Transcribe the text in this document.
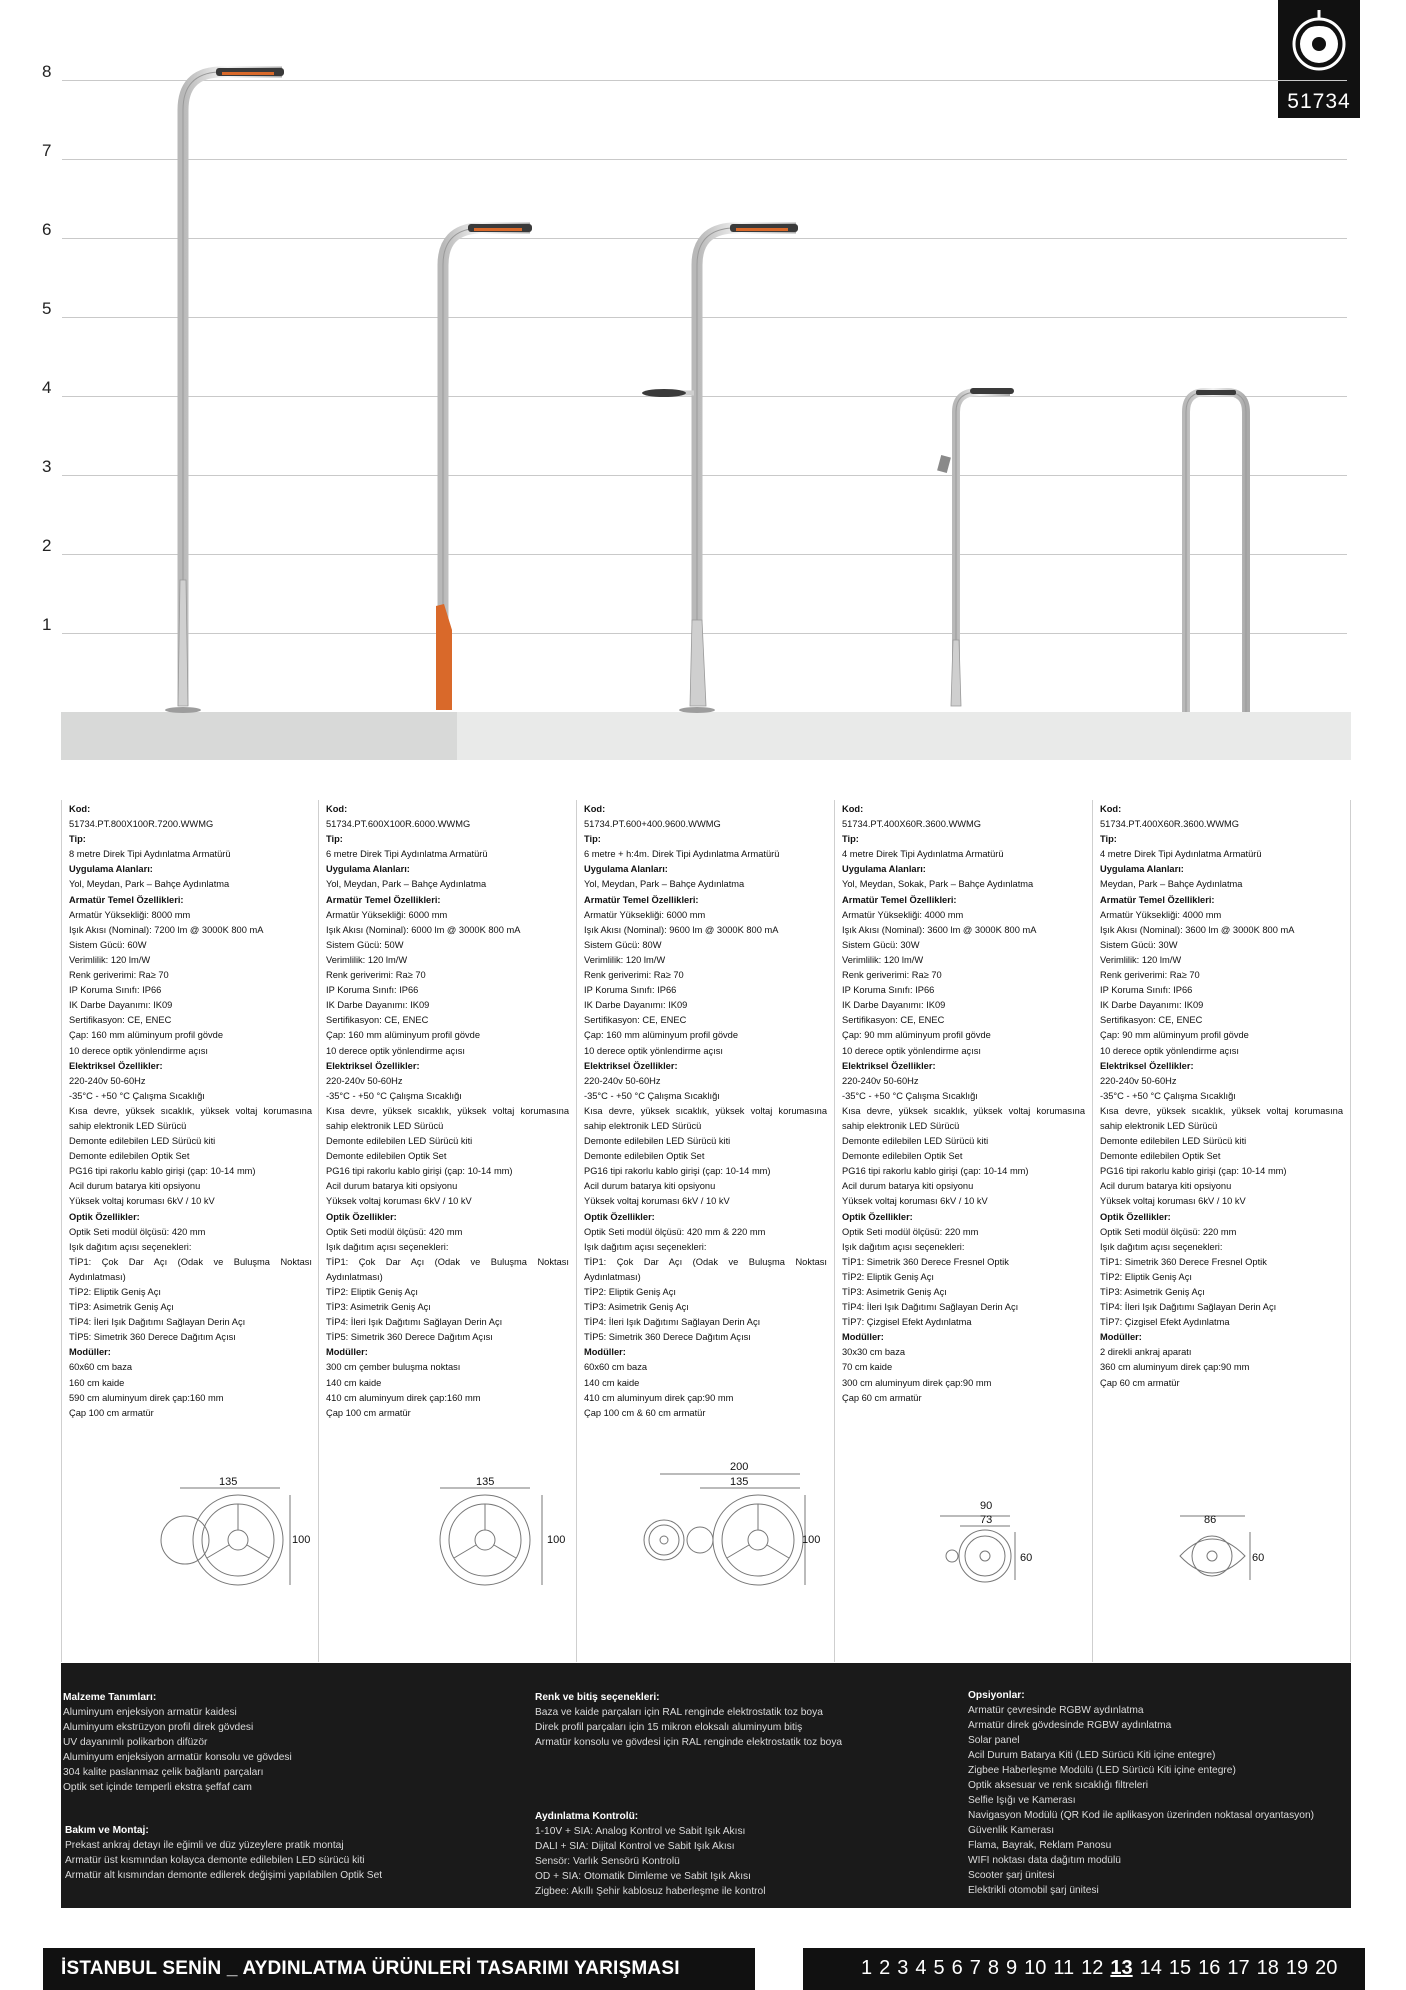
51734
8
7
6
5
4
3
2
1
Kod:
51734.PT.800X100R.7200.WWMG
Tip:
8 metre Direk Tipi Aydınlatma Armatürü
Uygulama Alanları:
Yol, Meydan, Park – Bahçe Aydınlatma
Armatür Temel Özellikleri:
Armatür Yüksekliği: 8000 mm
Işık Akısı (Nominal): 7200 lm @ 3000K 800 mA
Sistem Gücü: 60W
Verimlilik: 120 lm/W
Renk geriverimi: Ra≥ 70
IP Koruma Sınıfı: IP66
IK Darbe Dayanımı: IK09
Sertifikasyon: CE, ENEC
Çap: 160 mm alüminyum profil gövde
10 derece optik yönlendirme açısı
Elektriksel Özellikler:
220-240v 50-60Hz
-35°C - +50 °C Çalışma Sıcaklığı
Kısa devre, yüksek sıcaklık, yüksek voltaj korumasına sahip elektronik LED Sürücü
Demonte edilebilen LED Sürücü kiti
Demonte edilebilen Optik Set
PG16 tipi rakorlu kablo girişi (çap: 10-14 mm)
Acil durum batarya kiti opsiyonu
Yüksek voltaj koruması 6kV / 10 kV
Optik Özellikler:
Optik Seti modül ölçüsü: 420 mm
Işık dağıtım açısı seçenekleri:
TİP1: Çok Dar Açı (Odak ve Buluşma Noktası Aydınlatması)
TİP2: Eliptik Geniş Açı
TİP3: Asimetrik Geniş Açı
TİP4: İleri Işık Dağıtımı Sağlayan Derin Açı
TİP5: Simetrik 360 Derece Dağıtım Açısı
Modüller:
60x60 cm baza
160 cm kaide
590 cm aluminyum direk çap:160 mm
Çap 100 cm armatür
Kod:
51734.PT.600X100R.6000.WWMG
Tip:
6 metre Direk Tipi Aydınlatma Armatürü
Uygulama Alanları:
Yol, Meydan, Park – Bahçe Aydınlatma
Armatür Temel Özellikleri:
Armatür Yüksekliği: 6000 mm
Işık Akısı (Nominal): 6000 lm @ 3000K 800 mA
Sistem Gücü: 50W
Verimlilik: 120 lm/W
Renk geriverimi: Ra≥ 70
IP Koruma Sınıfı: IP66
IK Darbe Dayanımı: IK09
Sertifikasyon: CE, ENEC
Çap: 160 mm alüminyum profil gövde
10 derece optik yönlendirme açısı
Elektriksel Özellikler:
220-240v 50-60Hz
-35°C - +50 °C Çalışma Sıcaklığı
Kısa devre, yüksek sıcaklık, yüksek voltaj korumasına sahip elektronik LED Sürücü
Demonte edilebilen LED Sürücü kiti
Demonte edilebilen Optik Set
PG16 tipi rakorlu kablo girişi (çap: 10-14 mm)
Acil durum batarya kiti opsiyonu
Yüksek voltaj koruması 6kV / 10 kV
Optik Özellikler:
Optik Seti modül ölçüsü: 420 mm
Işık dağıtım açısı seçenekleri:
TİP1: Çok Dar Açı (Odak ve Buluşma Noktası Aydınlatması)
TİP2: Eliptik Geniş Açı
TİP3: Asimetrik Geniş Açı
TİP4: İleri Işık Dağıtımı Sağlayan Derin Açı
TİP5: Simetrik 360 Derece Dağıtım Açısı
Modüller:
300 cm çember buluşma noktası
140 cm kaide
410 cm aluminyum direk çap:160 mm
Çap 100 cm armatür
Kod:
51734.PT.600+400.9600.WWMG
Tip:
6 metre + h:4m. Direk Tipi Aydınlatma Armatürü
Uygulama Alanları:
Yol, Meydan, Park – Bahçe Aydınlatma
Armatür Temel Özellikleri:
Armatür Yüksekliği: 6000 mm
Işık Akısı (Nominal): 9600 lm @ 3000K 800 mA
Sistem Gücü: 80W
Verimlilik: 120 lm/W
Renk geriverimi: Ra≥ 70
IP Koruma Sınıfı: IP66
IK Darbe Dayanımı: IK09
Sertifikasyon: CE, ENEC
Çap: 160 mm alüminyum profil gövde
10 derece optik yönlendirme açısı
Elektriksel Özellikler:
220-240v 50-60Hz
-35°C - +50 °C Çalışma Sıcaklığı
Kısa devre, yüksek sıcaklık, yüksek voltaj korumasına sahip elektronik LED Sürücü
Demonte edilebilen LED Sürücü kiti
Demonte edilebilen Optik Set
PG16 tipi rakorlu kablo girişi (çap: 10-14 mm)
Acil durum batarya kiti opsiyonu
Yüksek voltaj koruması 6kV / 10 kV
Optik Özellikler:
Optik Seti modül ölçüsü: 420 mm & 220 mm
Işık dağıtım açısı seçenekleri:
TİP1: Çok Dar Açı (Odak ve Buluşma Noktası Aydınlatması)
TİP2: Eliptik Geniş Açı
TİP3: Asimetrik Geniş Açı
TİP4: İleri Işık Dağıtımı Sağlayan Derin Açı
TİP5: Simetrik 360 Derece Dağıtım Açısı
Modüller:
60x60 cm baza
140 cm kaide
410 cm aluminyum direk çap:90 mm
Çap 100 cm & 60 cm armatür
Kod:
51734.PT.400X60R.3600.WWMG
Tip:
4 metre Direk Tipi Aydınlatma Armatürü
Uygulama Alanları:
Yol, Meydan, Sokak, Park – Bahçe Aydınlatma
Armatür Temel Özellikleri:
Armatür Yüksekliği: 4000 mm
Işık Akısı (Nominal): 3600 lm @ 3000K 800 mA
Sistem Gücü: 30W
Verimlilik: 120 lm/W
Renk geriverimi: Ra≥ 70
IP Koruma Sınıfı: IP66
IK Darbe Dayanımı: IK09
Sertifikasyon: CE, ENEC
Çap: 90 mm alüminyum profil gövde
10 derece optik yönlendirme açısı
Elektriksel Özellikler:
220-240v 50-60Hz
-35°C - +50 °C Çalışma Sıcaklığı
Kısa devre, yüksek sıcaklık, yüksek voltaj korumasına sahip elektronik LED Sürücü
Demonte edilebilen LED Sürücü kiti
Demonte edilebilen Optik Set
PG16 tipi rakorlu kablo girişi (çap: 10-14 mm)
Acil durum batarya kiti opsiyonu
Yüksek voltaj koruması 6kV / 10 kV
Optik Özellikler:
Optik Seti modül ölçüsü: 220 mm
Işık dağıtım açısı seçenekleri:
TİP1: Simetrik 360 Derece Fresnel Optik
TİP2: Eliptik Geniş Açı
TİP3: Asimetrik Geniş Açı
TİP4: İleri Işık Dağıtımı Sağlayan Derin Açı
TİP7: Çizgisel Efekt Aydınlatma
Modüller:
30x30 cm baza
70 cm kaide
300 cm aluminyum direk çap:90 mm
Çap 60 cm armatür
Kod:
51734.PT.400X60R.3600.WWMG
Tip:
4 metre Direk Tipi Aydınlatma Armatürü
Uygulama Alanları:
Meydan, Park – Bahçe Aydınlatma
Armatür Temel Özellikleri:
Armatür Yüksekliği: 4000 mm
Işık Akısı (Nominal): 3600 lm @ 3000K 800 mA
Sistem Gücü: 30W
Verimlilik: 120 lm/W
Renk geriverimi: Ra≥ 70
IP Koruma Sınıfı: IP66
IK Darbe Dayanımı: IK09
Sertifikasyon: CE, ENEC
Çap: 90 mm alüminyum profil gövde
10 derece optik yönlendirme açısı
Elektriksel Özellikler:
220-240v 50-60Hz
-35°C - +50 °C Çalışma Sıcaklığı
Kısa devre, yüksek sıcaklık, yüksek voltaj korumasına sahip elektronik LED Sürücü
Demonte edilebilen LED Sürücü kiti
Demonte edilebilen Optik Set
PG16 tipi rakorlu kablo girişi (çap: 10-14 mm)
Acil durum batarya kiti opsiyonu
Yüksek voltaj koruması 6kV / 10 kV
Optik Özellikler:
Optik Seti modül ölçüsü: 220 mm
Işık dağıtım açısı seçenekleri:
TİP1: Simetrik 360 Derece Fresnel Optik
TİP2: Eliptik Geniş Açı
TİP3: Asimetrik Geniş Açı
TİP4: İleri Işık Dağıtımı Sağlayan Derin Açı
TİP7: Çizgisel Efekt Aydınlatma
Modüller:
2 direkli ankraj aparatı
360 cm aluminyum direk çap:90 mm
Çap 60 cm armatür
135
100
135
100
200
135
100
90
73
60
86
60
Malzeme Tanımları:
Aluminyum enjeksiyon armatür kaidesi
Aluminyum ekstrüzyon profil direk gövdesi
UV dayanımlı polikarbon difüzör
Aluminyum enjeksiyon armatür konsolu ve gövdesi
304 kalite paslanmaz çelik bağlantı parçaları
Optik set içinde temperli ekstra şeffaf cam
Bakım ve Montaj:
Prekast ankraj detayı ile eğimli ve düz yüzeylere pratik montaj
Armatür üst kısmından kolayca demonte edilebilen LED sürücü kiti
Armatür alt kısmından demonte edilerek değişimi yapılabilen Optik Set
Renk ve bitiş seçenekleri:
Baza ve kaide parçaları için RAL renginde elektrostatik toz boya
Direk profil parçaları için 15 mikron eloksalı aluminyum bitiş
Armatür konsolu ve gövdesi için RAL renginde elektrostatik toz boya
Aydınlatma Kontrolü:
1-10V + SIA: Analog Kontrol ve Sabit Işık Akısı
DALI + SIA: Dijital Kontrol ve Sabit Işık Akısı
Sensör: Varlık Sensörü Kontrolü
OD + SIA: Otomatik Dimleme ve Sabit Işık Akısı
Zigbee: Akıllı Şehir kablosuz haberleşme ile kontrol
Opsiyonlar:
Armatür çevresinde RGBW aydınlatma
Armatür direk gövdesinde RGBW aydınlatma
Solar panel
Acil Durum Batarya Kiti (LED Sürücü Kiti içine entegre)
Zigbee Haberleşme Modülü (LED Sürücü Kiti içine entegre)
Optik aksesuar ve renk sıcaklığı filtreleri
Selfie Işığı ve Kamerası
Navigasyon Modülü (QR Kod ile aplikasyon üzerinden noktasal oryantasyon)
Güvenlik Kamerası
Flama, Bayrak, Reklam Panosu
WIFI noktası data dağıtım modülü
Scooter şarj ünitesi
Elektrikli otomobil şarj ünitesi
İSTANBUL SENİN _ AYDINLATMA ÜRÜNLERİ TASARIMI YARIŞMASI	1 2 3 4 5 6 7 8 9 10 11 12 13 14 15 16 17 18 19 20
